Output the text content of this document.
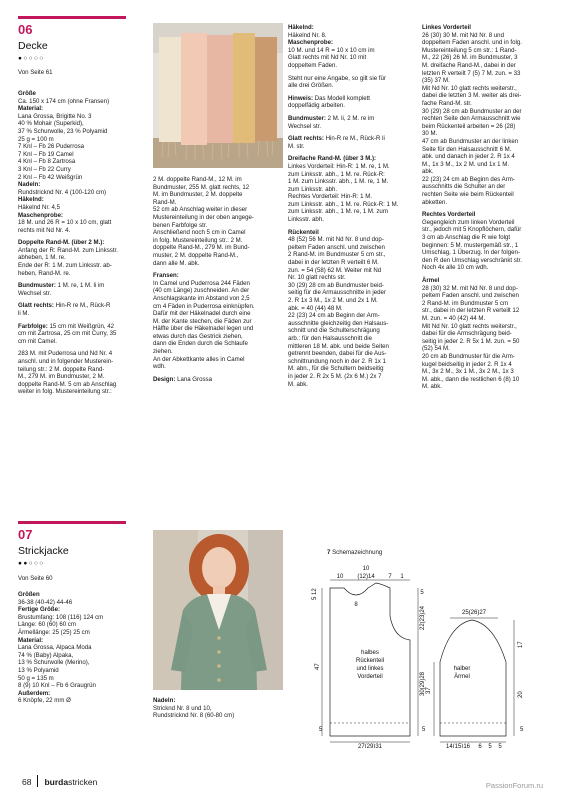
06
Decke
●○○○○
Von Seite 61

Größe
Ca. 150 x 174 cm (ohne Fransen)
Material:
Lana Grossa, Brigitte No. 3
40 % Mohair (Superkid),
37 % Schurwolle, 23 % Polyamid
25 g = 100 m
7 Knl – Fb 26 Puderrosa
7 Knl – Fb 19 Camel
4 Knl – Fb 8 Zartrosa
3 Knl – Fb 22 Curry
2 Knl – Fb 42 Weißgrün
Nadeln:
Rundstricknd Nr. 4 (100-120 cm)
Häkelnd:
Häkelnd Nr. 4,5
Maschenprobe:
18 M. und 26 R = 10 x 10 cm, glatt
rechts mit Nd Nr. 4.

Doppelte Rand-M. (über 2 M.):
Anfang der R: Rand-M. zum Linksstr.
abheben, 1 M. re.
Ende der R: 1 M. zum Linksstr. ab-
heben, Rand-M. re.

Bundmuster: 1 M. re, 1 M. li im
Wechsel str.

Glatt rechts: Hin-R re M., Rück-R
li M.

Farbfolge: 15 cm mit Weißgrün, 42
cm mit Zartrosa, 25 cm mit Curry, 35
cm mit Camel.

283 M. mit Puderrosa und Nd Nr. 4
anschl. und in folgender Musterein-
teilung str.: 2 M. doppelte Rand-
M., 279 M. im Bundmuster, 2 M.
doppelte Rand-M. 5 cm ab Anschlag
weiter in folg. Mustereinteilung str.:

2 M. doppelte Rand-M., 12 M. im
Bundmuster, 255 M. glatt rechts, 12
M. im Bundmuster, 2 M. doppelte
Rand-M.
52 cm ab Anschlag weiter in dieser
Mustereinteilung in der oben angege-
benen Farbfolge str.
Anschließend noch 5 cm in Camel
in folg. Mustereinteilung str.: 2 M.
doppelte Rand-M., 279 M. im Bund-
muster, 2 M. doppelte Rand-M.,
dann alle M. abk.

Fransen:
In Camel und Puderrosa 244 Fäden
(40 cm Länge) zuschneiden. An der
Anschlagskante im Abstand von 2,5
cm 4 Fäden in Puderrosa einknüpfen.
Dafür mit der Häkelnadel durch eine
M. der Kante stechen, die Fäden zur
Hälfte über die Häkelnadel legen und
etwas durch das Gestrick ziehen,
dann die Enden durch die Schlaufe
ziehen.
An der Abkettkante alles in Camel
wdh.

Design: Lana Grossa

Häkelnd:
Häkelnd Nr. 8.
Maschenprobe:
10 M. und 14 R = 10 x 10 cm im
Glatt rechts mit Nd Nr. 10 mit
doppeltem Faden.

Steht nur eine Angabe, so gilt sie für
alle drei Größen.

Hinweis: Das Modell komplett
doppelfädig arbeiten.

Bundmuster: 2 M. li, 2 M. re im
Wechsel str.

Glatt rechts: Hin-R re M., Rück-R li
M. str.

Dreifache Rand-M. (über 3 M.):
Linkes Vorderteil: Hin-R: 1 M. re, 1 M.
zum Linksstr. abh., 1 M. re. Rück-R:
1 M. zum Linksstr. abh., 1 M. re, 1 M.
zum Linksstr. abh.
Rechtes Vorderteil: Hin-R: 1 M.
zum Linksstr. abh., 1 M. re. Rück-R: 1 M.
zum Linksstr. abh., 1 M. re, 1 M. zum
Linksstr. abh.

Rückenteil
48 (52) 56 M. mit Nd Nr. 8 und dop-
peltem Faden anschl. und zwischen
2 Rand-M. im Bundmuster 5 cm str.,
dabei in der letzten R verteilt 6 M.
zun. = 54 (58) 62 M. Weiter mit Nd
Nr. 10 glatt rechts str.
30 (29) 28 cm ab Bundmuster beid-
seitig für die Armausschnitte in jeder
2. R 1x 3 M., 1x 2 M. und 2x 1 M.
abk. = 40 (44) 48 M.
22 (23) 24 cm ab Beginn der Arm-
ausschnitte gleichzeitig den Halsaus-
schnitt und die Schulterschrägung
arb.: für den Halsausschnitt die
mittleren 18 M. abk. und beide Seiten
getrennt beenden, dabei für die Aus-
schnittrundung noch in der 2. R 1x 1
M. abn., für die Schultern beidseitig
in jeder 2. R 2x 5 M. (2x 6 M.) 2x 7
M. abk.

Linkes Vorderteil
26 (30) 30 M. mit Nd Nr. 8 und
doppeltem Faden anschl. und in folg.
Mustereinteilung 5 cm str.: 1 Rand-
M., 22 (26) 26 M. im Bundmuster, 3
M. dreifache Rand-M., dabei in der
letzten R verteilt 7 (5) 7 M. zun. = 33
(35) 37 M.
Mit Nd Nr. 10 glatt rechts weiterstr.,
dabei die letzten 3 M. weiter als drei-
fache Rand-M. str.
30 (29) 28 cm ab Bundmuster an der
rechten Seite den Armausschnitt wie
beim Rückenteil arbeiten = 26 (28)
30 M.
47 cm ab Bundmuster an der linken
Seite für den Halsausschnitt 6 M.
abk. und danach in jeder 2. R 1x 4
M., 1x 3 M., 1x 2 M. und 1x 1 M.
abk.
22 (23) 24 cm ab Beginn des Arm-
ausschnitts die Schulter an der
rechten Seite wie beim Rückenteil
abketten.

Rechtes Vorderteil
Gegengleich zum linken Vorderteil
str., jedoch mit 5 Knopflöchern, dafür
3 cm ab Anschlag die R wie folgt
beginnen: 5 M. mustergemäß str., 1
Umschlag, 1 Überzug. In der folgen-
den R den Umschlag verschränkt str.
Noch 4x alle 10 cm wdh.

Ärmel
28 (30) 32 M. mit Nd Nr. 8 und dop-
peltem Faden anschl. und zwischen
2 Rand-M. im Bundmuster 5 cm
str., dabei in der letzten R verteilt 12
M. zun. = 40 (42) 44 M.
Mit Nd Nr. 10 glatt rechts weiterstr.,
dabei für die Armschrägung beid-
seitig in jeder 2. R 5x 1 M. zun. = 50
(52) 54 M.
20 cm ab Bundmuster für die Arm-
kugel beidseitig in jeder 2. R 1x 4
M., 3x 2 M., 3x 1 M., 3x 2 M., 1x 3
M. abk., dann die restlichen 6 (8) 10
M. abk.

07
Strickjacke
●●○○○
Von Seite 60

Größen
36-38 (40-42) 44-46
Fertige Größe:
Brustumfang: 108 (116) 124 cm
Länge: 60 (60) 60 cm
Ärmellänge: 25 (25) 25 cm
Material:
Lana Grossa, Alpaca Moda
74 % (Baby) Alpaka,
13 % Schurwolle (Merino),
13 % Polyamid
50 g = 135 m
8 (9) 10 Knl – Fb 6 Graugrün
Außerdem:
6 Knöpfe, 22 mm Ø	Nadeln:
Stricknd Nr. 8 und 10,
Rundstricknd Nr. 8 (60-80 cm)

7 Schemazeichnung
10
10 (12)14 7
8
1
5
5 12
22(23)24
47
30(29)28
5	5
27(29)31
halbes
Rückenteil
und linkes
Vorderteil
25(26)27
17
37
20
5
halber
Ärmel
14(15)16 6 5 5
68 burdastricken	PassionForum.ru
